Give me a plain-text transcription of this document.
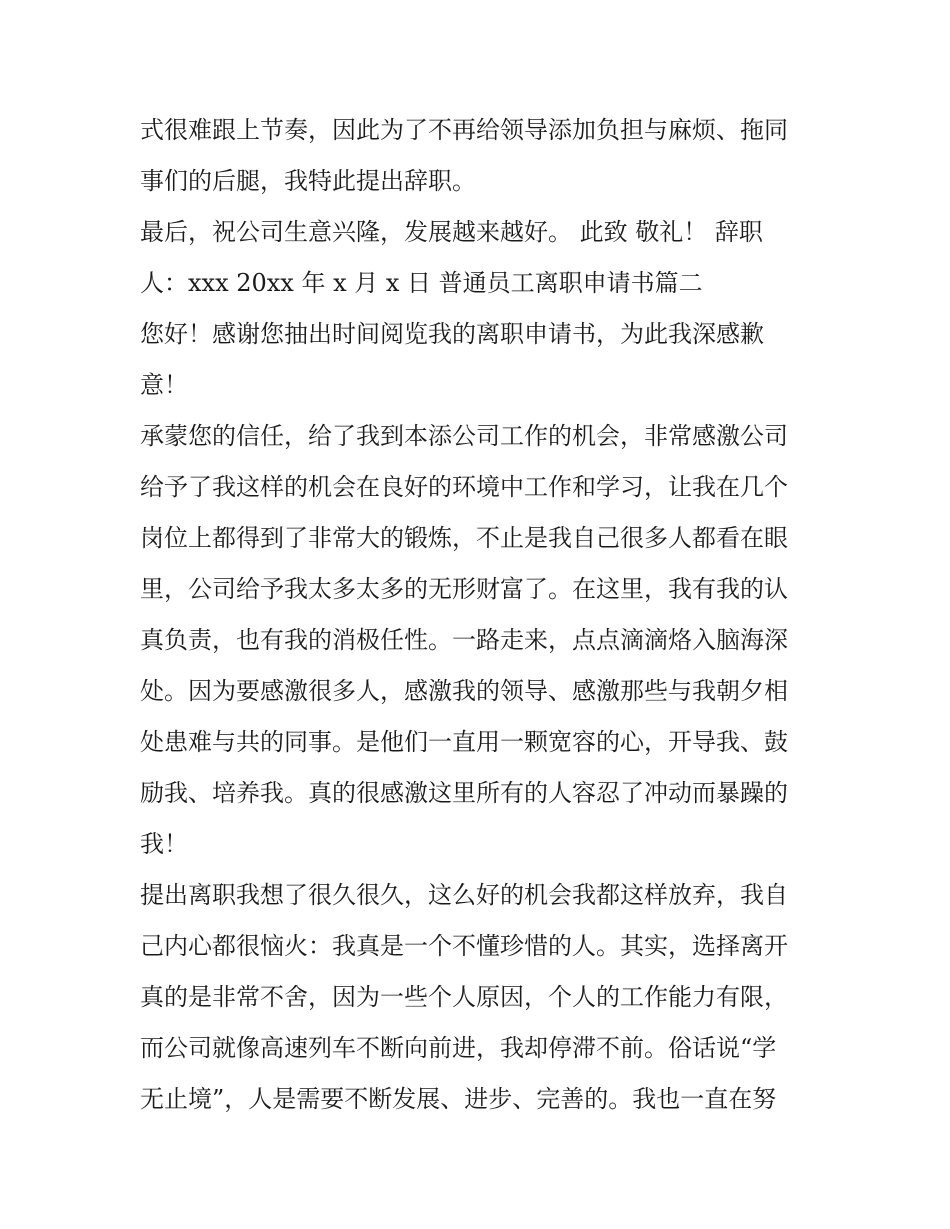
式很难跟上节奏，因此为了不再给领导添加负担与麻烦、拖同
事们的后腿，我特此提出辞职。
最后，祝公司生意兴隆，发展越来越好。 此致 敬礼！ 辞职
人：xxx 20xx 年 x 月 x 日 普通员工离职申请书篇二
您好！感谢您抽出时间阅览我的离职申请书，为此我深感歉
意！
承蒙您的信任，给了我到本添公司工作的机会，非常感激公司
给予了我这样的机会在良好的环境中工作和学习，让我在几个
岗位上都得到了非常大的锻炼，不止是我自己很多人都看在眼
里，公司给予我太多太多的无形财富了。在这里，我有我的认
真负责，也有我的消极任性。一路走来，点点滴滴烙入脑海深
处。因为要感激很多人，感激我的领导、感激那些与我朝夕相
处患难与共的同事。是他们一直用一颗宽容的心，开导我、鼓
励我、培养我。真的很感激这里所有的人容忍了冲动而暴躁的
我！
提出离职我想了很久很久，这么好的机会我都这样放弃，我自
己内心都很恼火：我真是一个不懂珍惜的人。其实，选择离开
真的是非常不舍，因为一些个人原因，个人的工作能力有限，
而公司就像高速列车不断向前进，我却停滞不前。俗话说“学
无止境”，人是需要不断发展、进步、完善的。我也一直在努
